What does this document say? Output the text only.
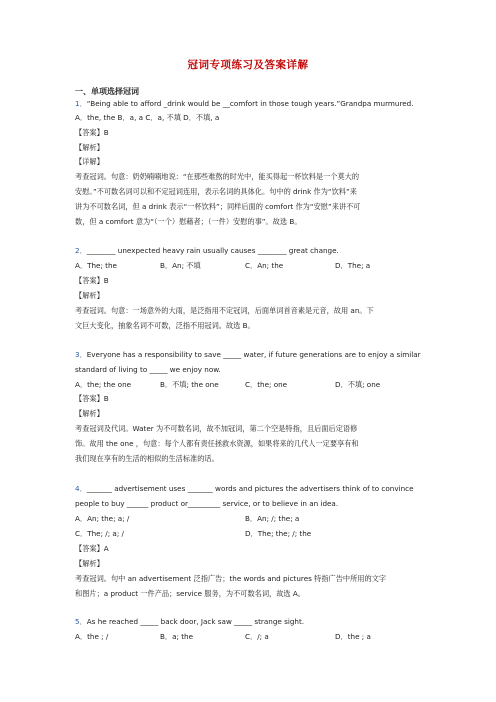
冠词专项练习及答案详解
一、单项选择冠词
1．“Being able to afford _drink would be __comfort in those tough years.”Grandpa murmured.
A．the, the B．a, a C．a, 不填 D．不填, a
【答案】B
【解析】
【详解】
考查冠词。句意：奶奶喃喃地说：“在那些难熬的时光中，能买得起一杯饮料是一个莫大的
安慰。”不可数名词可以和不定冠词连用，表示名词的具体化。句中的 drink 作为“饮料”来
讲为不可数名词，但 a drink 表示“一杯饮料”；同样后面的 comfort 作为“安慰”来讲不可
数，但 a comfort 意为“（一个）慰藉者；（一件）安慰的事”。故选 B。
2．________ unexpected heavy rain usually causes ________ great change.
A．The; the	B．An; 不填	C．An; the	D．The; a
【答案】B
【解析】
考查冠词。句意：一场意外的大雨，是泛指用不定冠词，后面单词首音素是元音，故用 an。下
文巨大变化，抽象名词不可数，泛指不用冠词。故选 B。
3．Everyone has a responsibility to save _____ water, if future generations are to enjoy a similar
standard of living to _____ we enjoy now.
A．the; the one	B．不填; the one	C．the; one	D．不填; one
【答案】B
【解析】
考查冠词及代词。Water 为不可数名词，故不加冠词，第二个空是特指，且后面后定语修
饰。故用 the one ，句意：每个人都有责任拯救水资源，如果将来的几代人一定要享有和
我们现在享有的生活的相似的生活标准的话。
4．_______ advertisement uses _______ words and pictures the advertisers think of to convince
people to buy ______ product or_________ service, or to believe in an idea.
A．An; the; a; /	B．An; /; the; a
C．The; /; a; /	D．The; the; /; the
【答案】A
【解析】
考查冠词。句中 an advertisement 泛指广告；the words and pictures 特指广告中所用的文字
和图片；a product 一件产品；service 服务，为不可数名词，故选 A。
5．As he reached _____ back door, Jack saw _____ strange sight.
A．the ; /	B．a; the	C．/; a	D．the ; a
